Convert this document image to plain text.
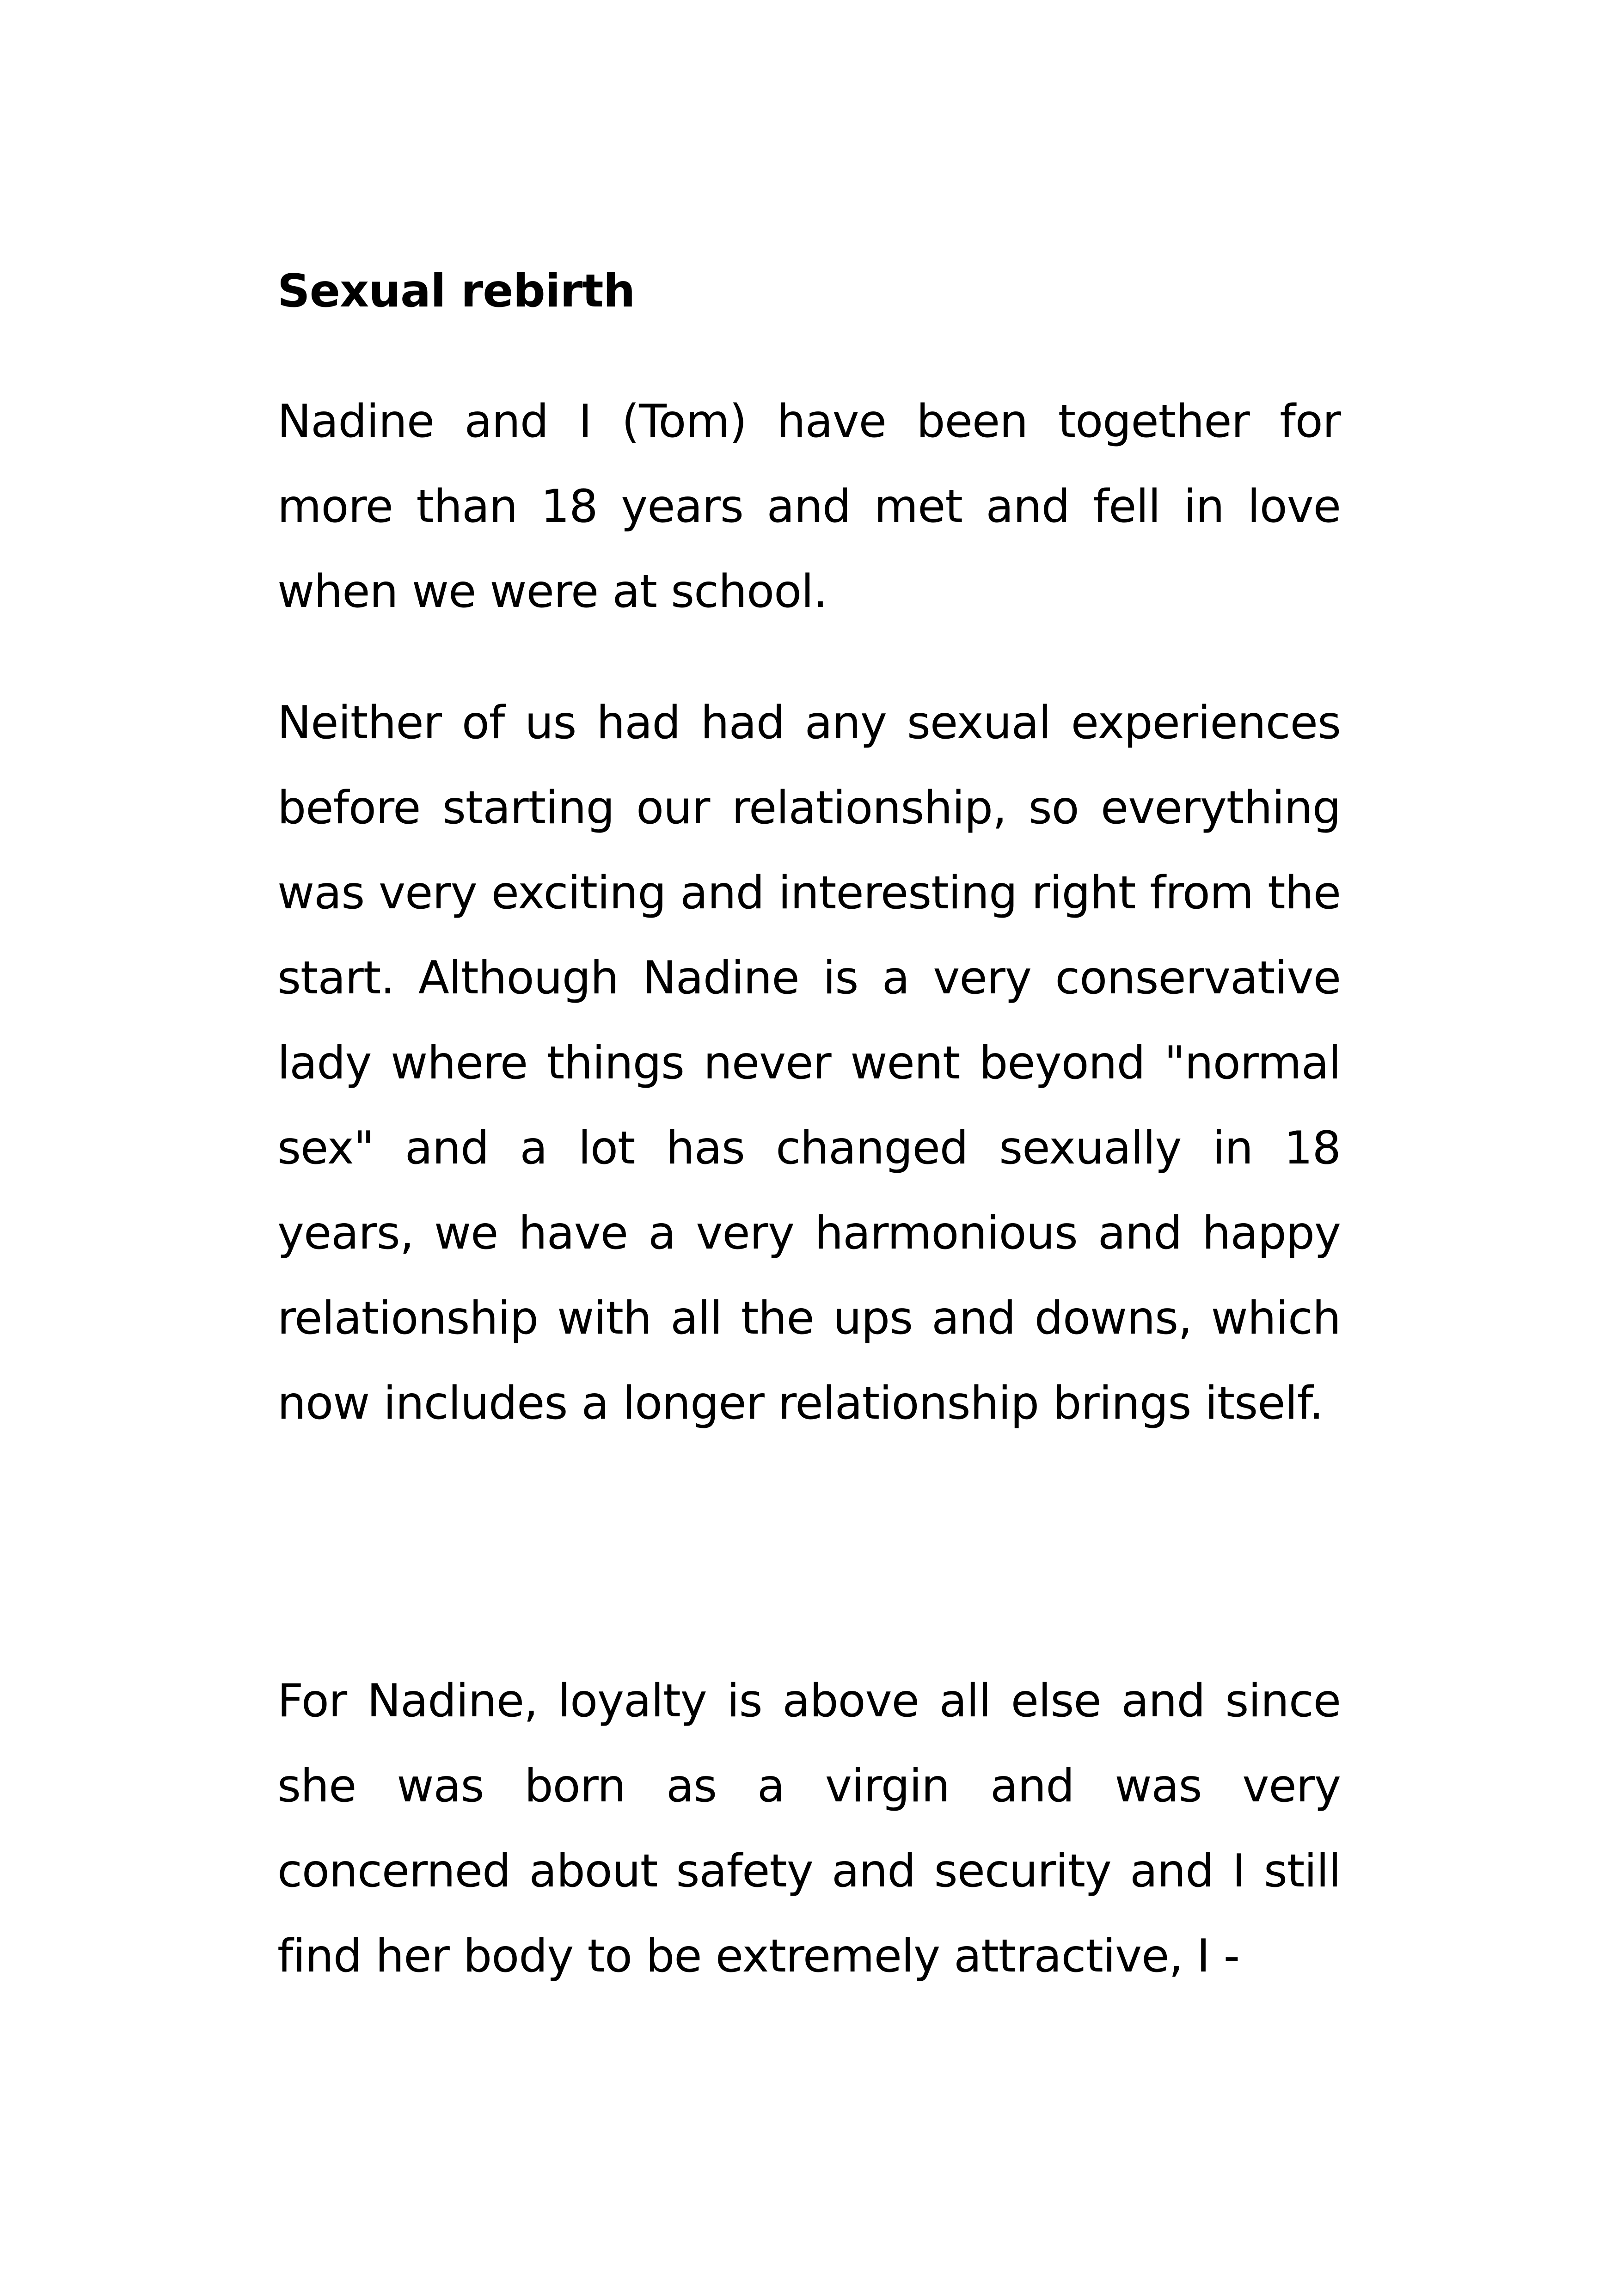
Sexual rebirth

Nadine and I (Tom) have been together for more than 18 years and met and fell in love when we were at school.

Neither of us had had any sexual experiences before starting our relationship, so everything was very exciting and interesting right from the start. Although Nadine is a very conservative lady where things never went beyond "normal sex" and a lot has changed sexually in 18 years, we have a very harmonious and happy relationship with all the ups and downs, which now includes a longer relationship brings itself.

For Nadine, loyalty is above all else and since she was born as a virgin and was very concerned about safety and security and I still find her body to be extremely attractive, I -
